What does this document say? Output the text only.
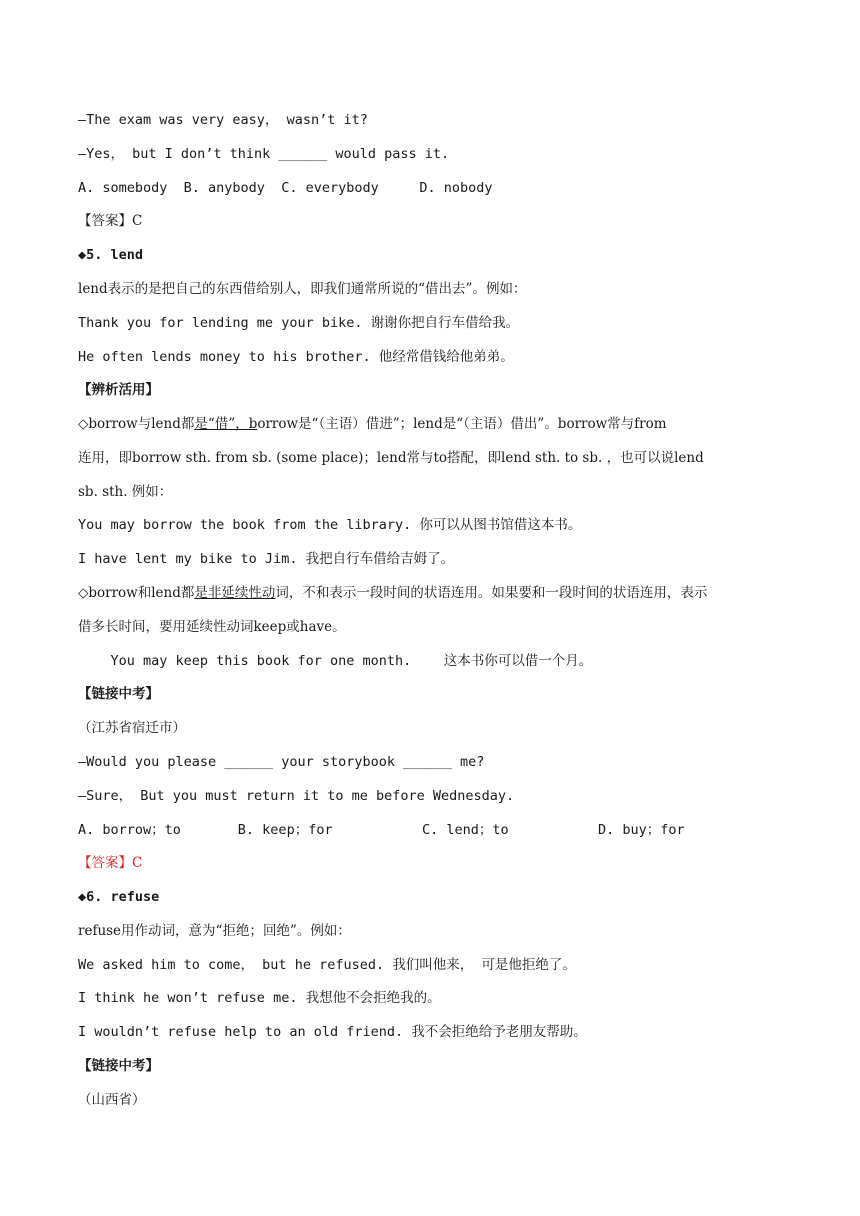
—The exam was very easy， wasn’t it?
—Yes， but I don’t think ______ would pass it.
A. somebody  B. anybody  C. everybody     D. nobody
【答案】C
◆5. lend
lend表示的是把自己的东西借给别人，即我们通常所说的“借出去”。例如：
Thank you for lending me your bike. 谢谢你把自行车借给我。
He often lends money to his brother. 他经常借钱给他弟弟。
【辨析活用】
◇borrow与lend都是“借”，borrow是“（主语）借进”；lend是“（主语）借出”。borrow常与from
连用，即borrow sth. from sb. (some place)；lend常与to搭配，即lend sth. to sb. ，也可以说lend
sb. sth. 例如：
You may borrow the book from the library. 你可以从图书馆借这本书。
I have lent my bike to Jim. 我把自行车借给吉姆了。
◇borrow和lend都是非延续性动词，不和表示一段时间的状语连用。如果要和一段时间的状语连用，表示
借多长时间，要用延续性动词keep或have。
You may keep this book for one month.    这本书你可以借一个月。
【链接中考】
（江苏省宿迁市）
—Would you please ______ your storybook ______ me?
—Sure， But you must return it to me before Wednesday.
A. borrow；to       B. keep；for           C. lend；to           D. buy；for
【答案】C
◆6. refuse
refuse用作动词，意为“拒绝；回绝”。例如：
We asked him to come， but he refused. 我们叫他来， 可是他拒绝了。
I think he won’t refuse me. 我想他不会拒绝我的。
I wouldn’t refuse help to an old friend. 我不会拒绝给予老朋友帮助。
【链接中考】
（山西省）
